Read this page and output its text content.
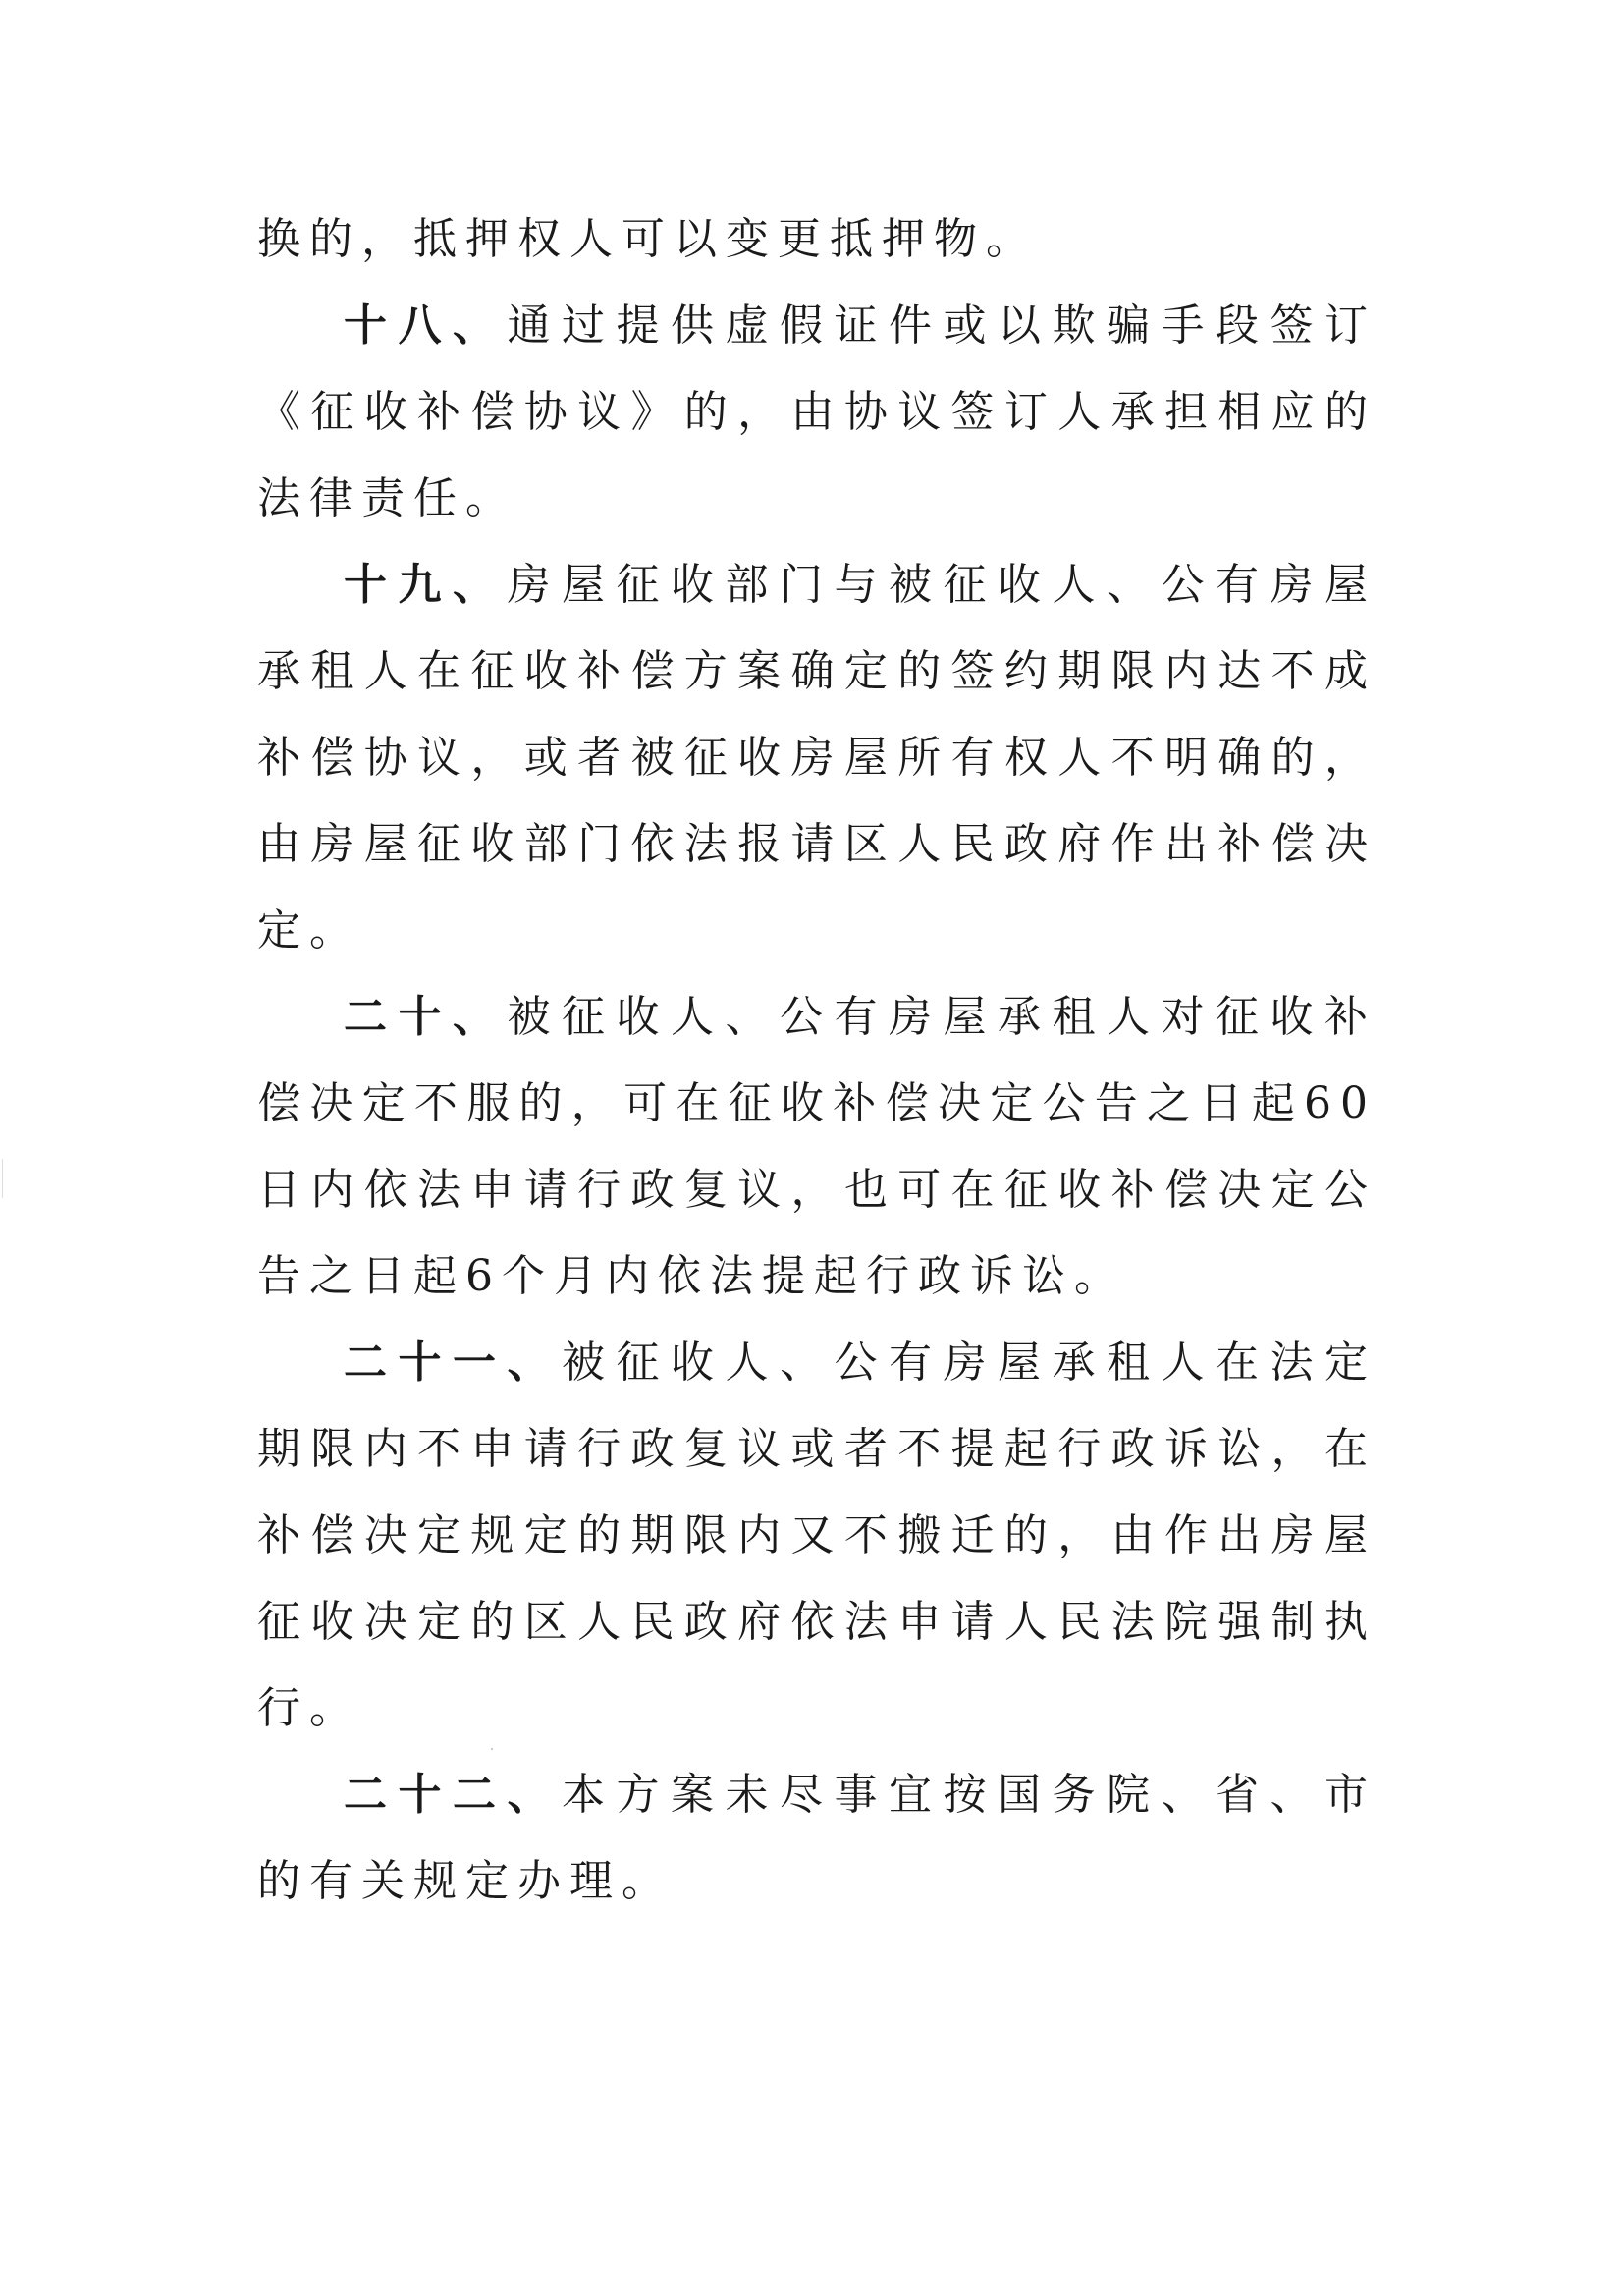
换的，抵押权人可以变更抵押物。

十八、通过提供虚假证件或以欺骗手段签订《征收补偿协议》的，由协议签订人承担相应的法律责任。

十九、房屋征收部门与被征收人、公有房屋承租人在征收补偿方案确定的签约期限内达不成补偿协议，或者被征收房屋所有权人不明确的，由房屋征收部门依法报请区人民政府作出补偿决定。

二十、被征收人、公有房屋承租人对征收补偿决定不服的，可在征收补偿决定公告之日起60日内依法申请行政复议，也可在征收补偿决定公告之日起6个月内依法提起行政诉讼。

二十一、被征收人、公有房屋承租人在法定期限内不申请行政复议或者不提起行政诉讼，在补偿决定规定的期限内又不搬迁的，由作出房屋征收决定的区人民政府依法申请人民法院强制执行。

二十二、本方案未尽事宜按国务院、省、市的有关规定办理。
